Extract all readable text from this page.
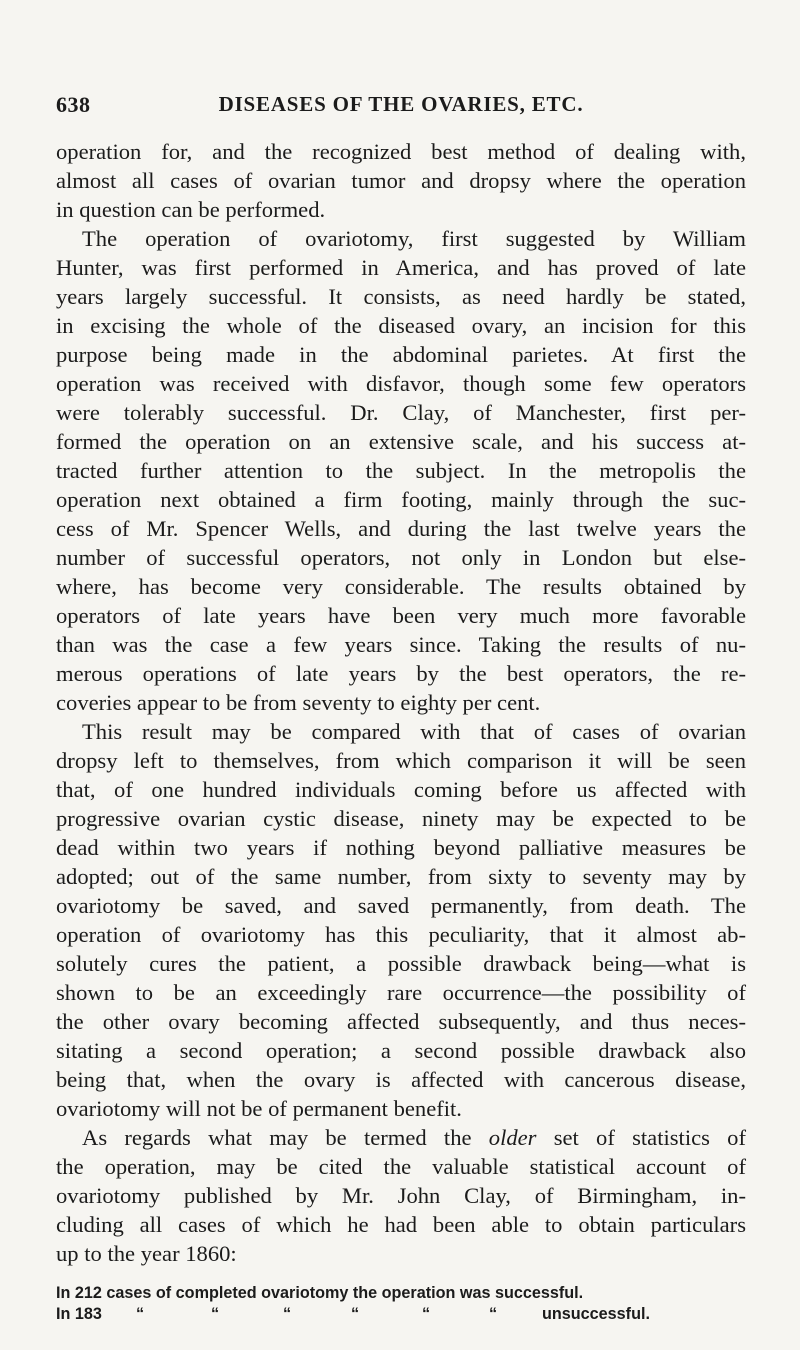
638	DISEASES OF THE OVARIES, ETC.
operation for, and the recognized best method of dealing with,
almost all cases of ovarian tumor and dropsy where the operation
in question can be performed.
The operation of ovariotomy, first suggested by William
Hunter, was first performed in America, and has proved of late
years largely successful. It consists, as need hardly be stated,
in excising the whole of the diseased ovary, an incision for this
purpose being made in the abdominal parietes. At first the
operation was received with disfavor, though some few operators
were tolerably successful. Dr. Clay, of Manchester, first per-
formed the operation on an extensive scale, and his success at-
tracted further attention to the subject. In the metropolis the
operation next obtained a firm footing, mainly through the suc-
cess of Mr. Spencer Wells, and during the last twelve years the
number of successful operators, not only in London but else-
where, has become very considerable. The results obtained by
operators of late years have been very much more favorable
than was the case a few years since. Taking the results of nu-
merous operations of late years by the best operators, the re-
coveries appear to be from seventy to eighty per cent.
This result may be compared with that of cases of ovarian
dropsy left to themselves, from which comparison it will be seen
that, of one hundred individuals coming before us affected with
progressive ovarian cystic disease, ninety may be expected to be
dead within two years if nothing beyond palliative measures be
adopted; out of the same number, from sixty to seventy may by
ovariotomy be saved, and saved permanently, from death. The
operation of ovariotomy has this peculiarity, that it almost ab-
solutely cures the patient, a possible drawback being—what is
shown to be an exceedingly rare occurrence—the possibility of
the other ovary becoming affected subsequently, and thus neces-
sitating a second operation; a second possible drawback also
being that, when the ovary is affected with cancerous disease,
ovariotomy will not be of permanent benefit.
As regards what may be termed the older set of statistics of
the operation, may be cited the valuable statistical account of
ovariotomy published by Mr. John Clay, of Birmingham, in-
cluding all cases of which he had been able to obtain particulars
up to the year 1860:
In 212 cases of completed ovariotomy the operation was successful.
In 183 “	“	“	“	“	“	unsuccessful.
